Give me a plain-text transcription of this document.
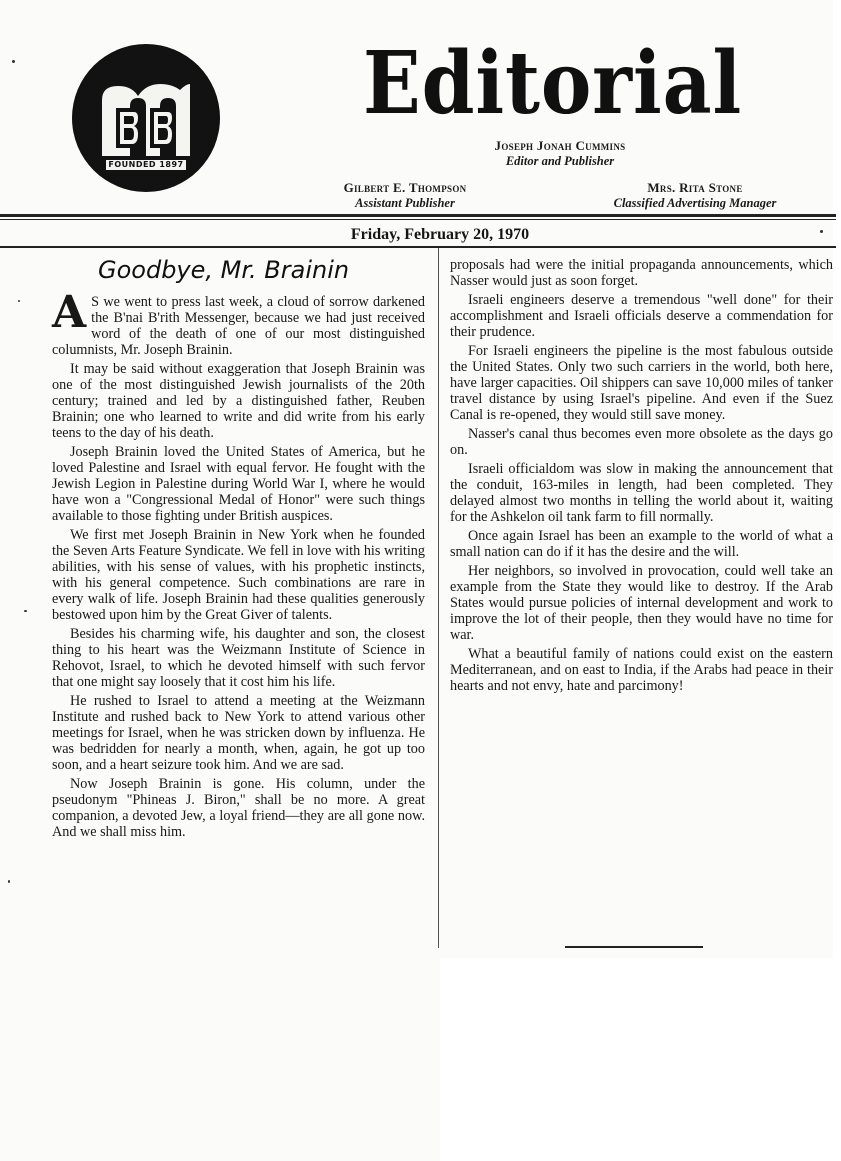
FOUNDED 1897
Editorial
Joseph Jonah Cummins
Editor and Publisher
Gilbert E. Thompson
Assistant Publisher
Mrs. Rita Stone
Classified Advertising Manager
Friday, February 20, 1970
Goodbye, Mr. Brainin

A S we went to press last week, a cloud of sorrow darkened the B'nai B'rith Messenger, because we had just received word of the death of one of our most distinguished columnists, Mr. Joseph Brainin.

It may be said without exaggeration that Joseph Brainin was one of the most distinguished Jewish journalists of the 20th century; trained and led by a distinguished father, Reuben Brainin; one who learned to write and did write from his early teens to the day of his death.

Joseph Brainin loved the United States of America, but he loved Palestine and Israel with equal fervor. He fought with the Jewish Legion in Palestine during World War I, where he would have won a "Congressional Medal of Honor" were such things available to those fighting under British auspices.

We first met Joseph Brainin in New York when he founded the Seven Arts Feature Syndicate. We fell in love with his writing abilities, with his sense of values, with his prophetic instincts, with his general competence. Such combinations are rare in every walk of life. Joseph Brainin had these qualities generously bestowed upon him by the Great Giver of talents.

Besides his charming wife, his daughter and son, the closest thing to his heart was the Weizmann Institute of Science in Rehovot, Israel, to which he devoted himself with such fervor that one might say loosely that it cost him his life.

He rushed to Israel to attend a meeting at the Weizmann Institute and rushed back to New York to attend various other meetings for Israel, when he was stricken down by influenza. He was bedridden for nearly a month, when, again, he got up too soon, and a heart seizure took him. And we are sad.

Now Joseph Brainin is gone. His column, under the pseudonym "Phineas J. Biron," shall be no more. A great companion, a devoted Jew, a loyal friend—they are all gone now. And we shall miss him.

proposals had were the initial propaganda announcements, which Nasser would just as soon forget.

Israeli engineers deserve a tremendous "well done" for their accomplishment and Israeli officials deserve a commendation for their prudence.

For Israeli engineers the pipeline is the most fabulous outside the United States. Only two such carriers in the world, both here, have larger capacities. Oil shippers can save 10,000 miles of tanker travel distance by using Israel's pipeline. And even if the Suez Canal is re-opened, they would still save money.

Nasser's canal thus becomes even more obsolete as the days go on.

Israeli officialdom was slow in making the announcement that the conduit, 163-miles in length, had been completed. They delayed almost two months in telling the world about it, waiting for the Ashkelon oil tank farm to fill normally.

Once again Israel has been an example to the world of what a small nation can do if it has the desire and the will.

Her neighbors, so involved in provocation, could well take an example from the State they would like to destroy. If the Arab States would pursue policies of internal development and work to improve the lot of their people, then they would have no time for war.

What a beautiful family of nations could exist on the eastern Mediterranean, and on east to India, if the Arabs had peace in their hearts and not envy, hate and parcimony!
